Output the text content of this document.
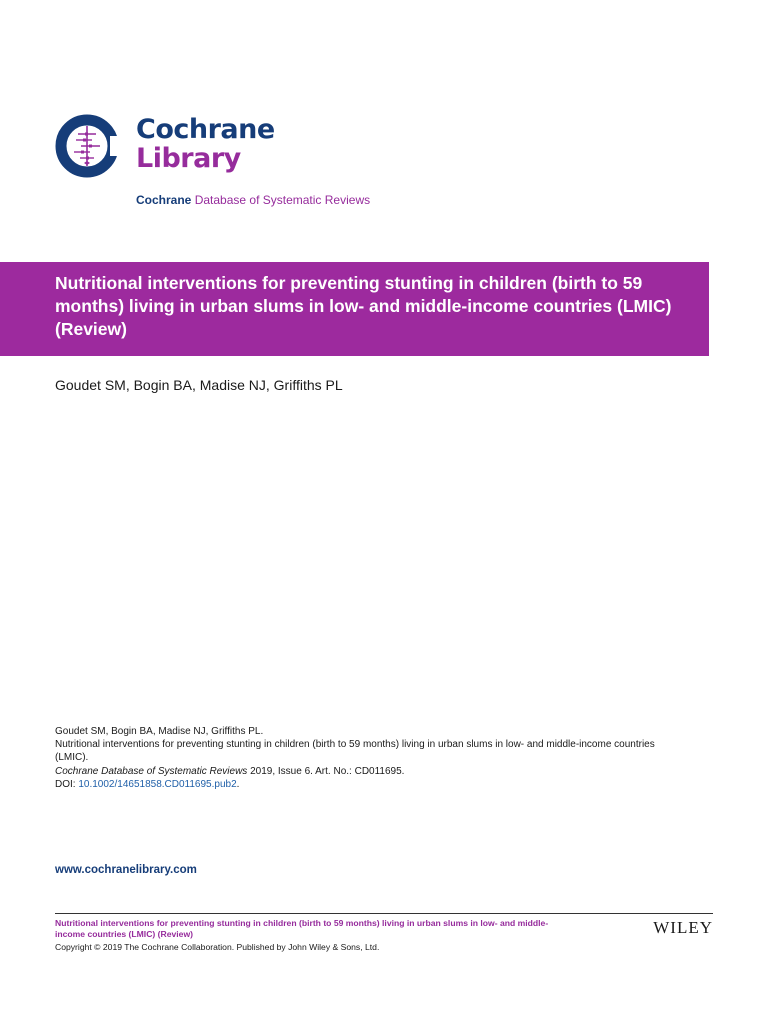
Cochrane
Library
Cochrane Database of Systematic Reviews
Nutritional interventions for preventing stunting in children (birth to 59 months) living in urban slums in low- and middle-income countries (LMIC) (Review)
Goudet SM, Bogin BA, Madise NJ, Griffiths PL
Goudet SM, Bogin BA, Madise NJ, Griffiths PL.
Nutritional interventions for preventing stunting in children (birth to 59 months) living in urban slums in low- and middle-income countries (LMIC).
Cochrane Database of Systematic Reviews 2019, Issue 6. Art. No.: CD011695.
DOI: 10.1002/14651858.CD011695.pub2.
www.cochranelibrary.com
Nutritional interventions for preventing stunting in children (birth to 59 months) living in urban slums in low- and middle-income countries (LMIC) (Review)
Copyright © 2019 The Cochrane Collaboration. Published by John Wiley & Sons, Ltd.
WILEY
